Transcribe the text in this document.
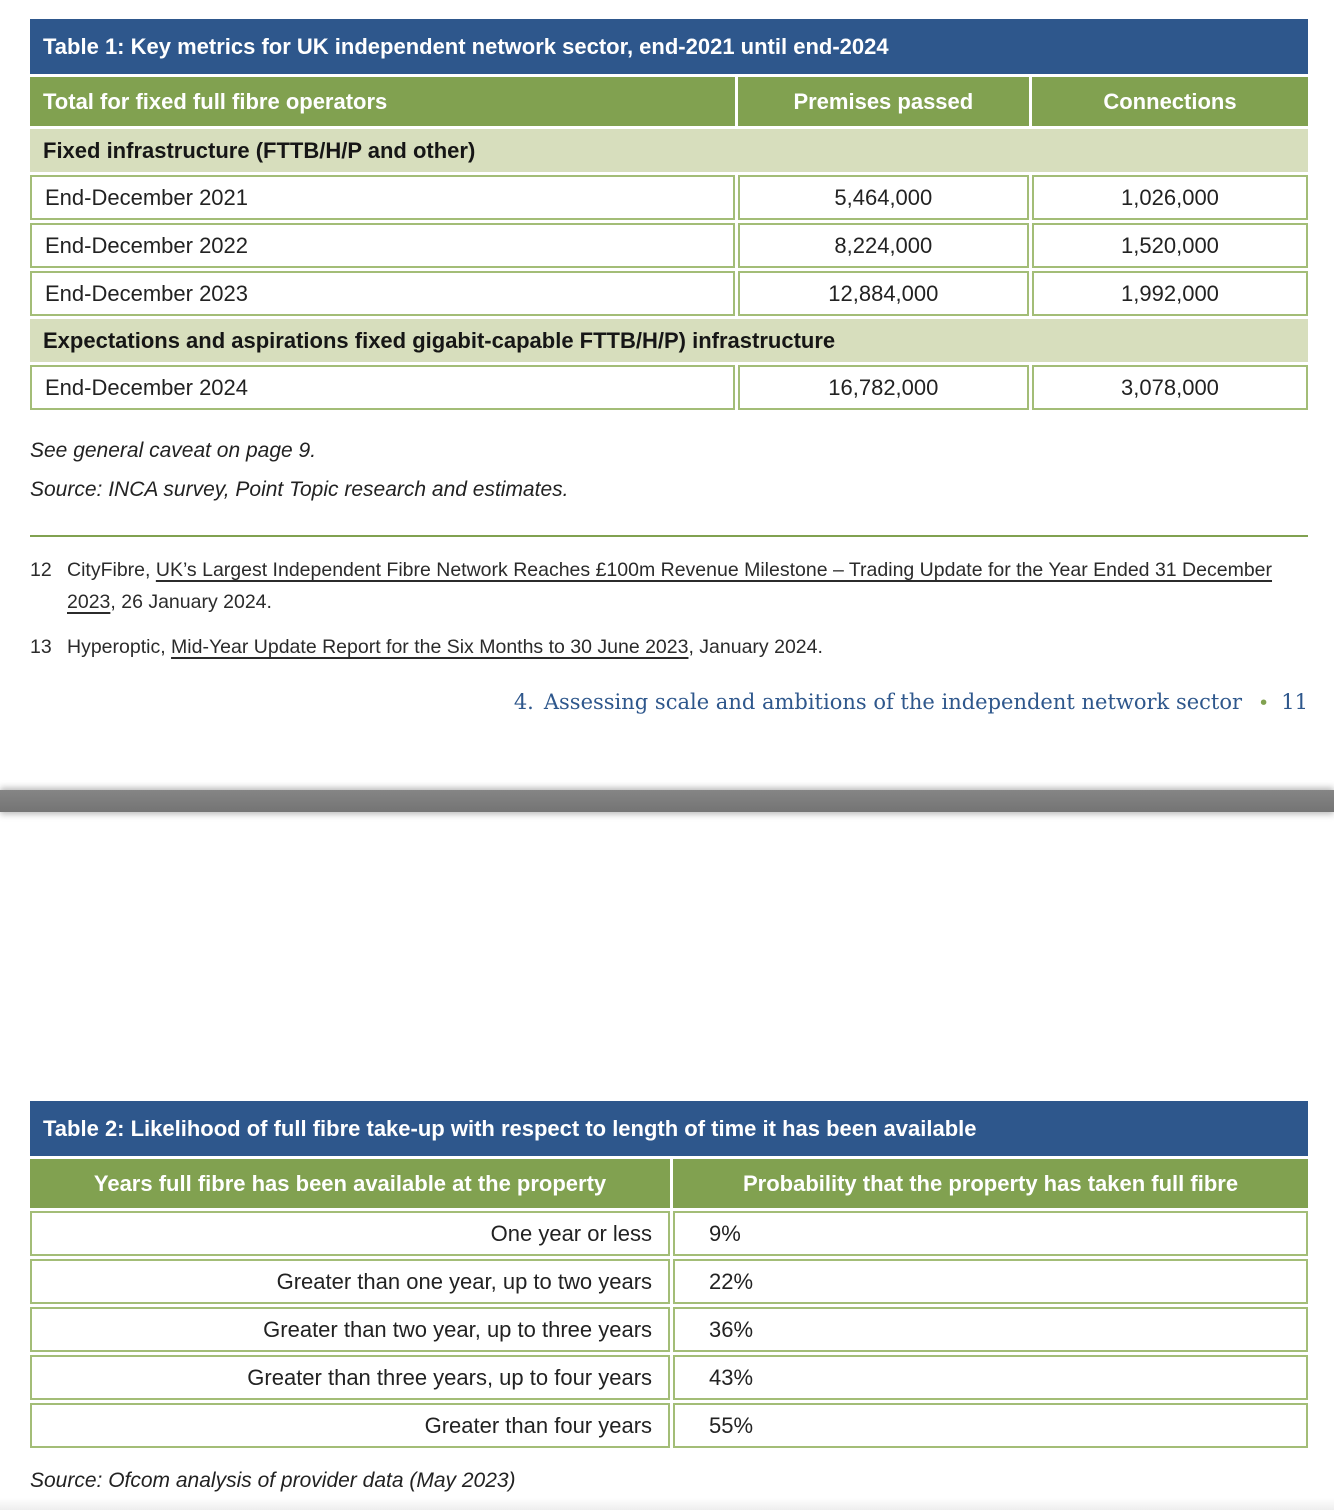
Table 1: Key metrics for UK independent network sector, end-2021 until end-2024		
Total for fixed full fibre operators	Premises passed	Connections
Fixed infrastructure (FTTB/H/P and other)		
End-December 2021	5,464,000	1,026,000
End-December 2022	8,224,000	1,520,000
End-December 2023	12,884,000	1,992,000
Expectations and aspirations fixed gigabit-capable FTTB/H/P) infrastructure		
End-December 2024	16,782,000	3,078,000

See general caveat on page 9.

Source: INCA survey, Point Topic research and estimates.

12 CityFibre, UK’s Largest Independent Fibre Network Reaches £100m Revenue Milestone – Trading Update for the Year Ended 31 December 2023, 26 January 2024.
13 Hyperoptic, Mid-Year Update Report for the Six Months to 30 June 2023, January 2024.
4. Assessing scale and ambitions of the independent network sector • 11
Table 2: Likelihood of full fibre take-up with respect to length of time it has been available	
Years full fibre has been available at the property	Probability that the property has taken full fibre
One year or less	9%
Greater than one year, up to two years	22%
Greater than two year, up to three years	36%
Greater than three years, up to four years	43%
Greater than four years	55%

Source: Ofcom analysis of provider data (May 2023)
